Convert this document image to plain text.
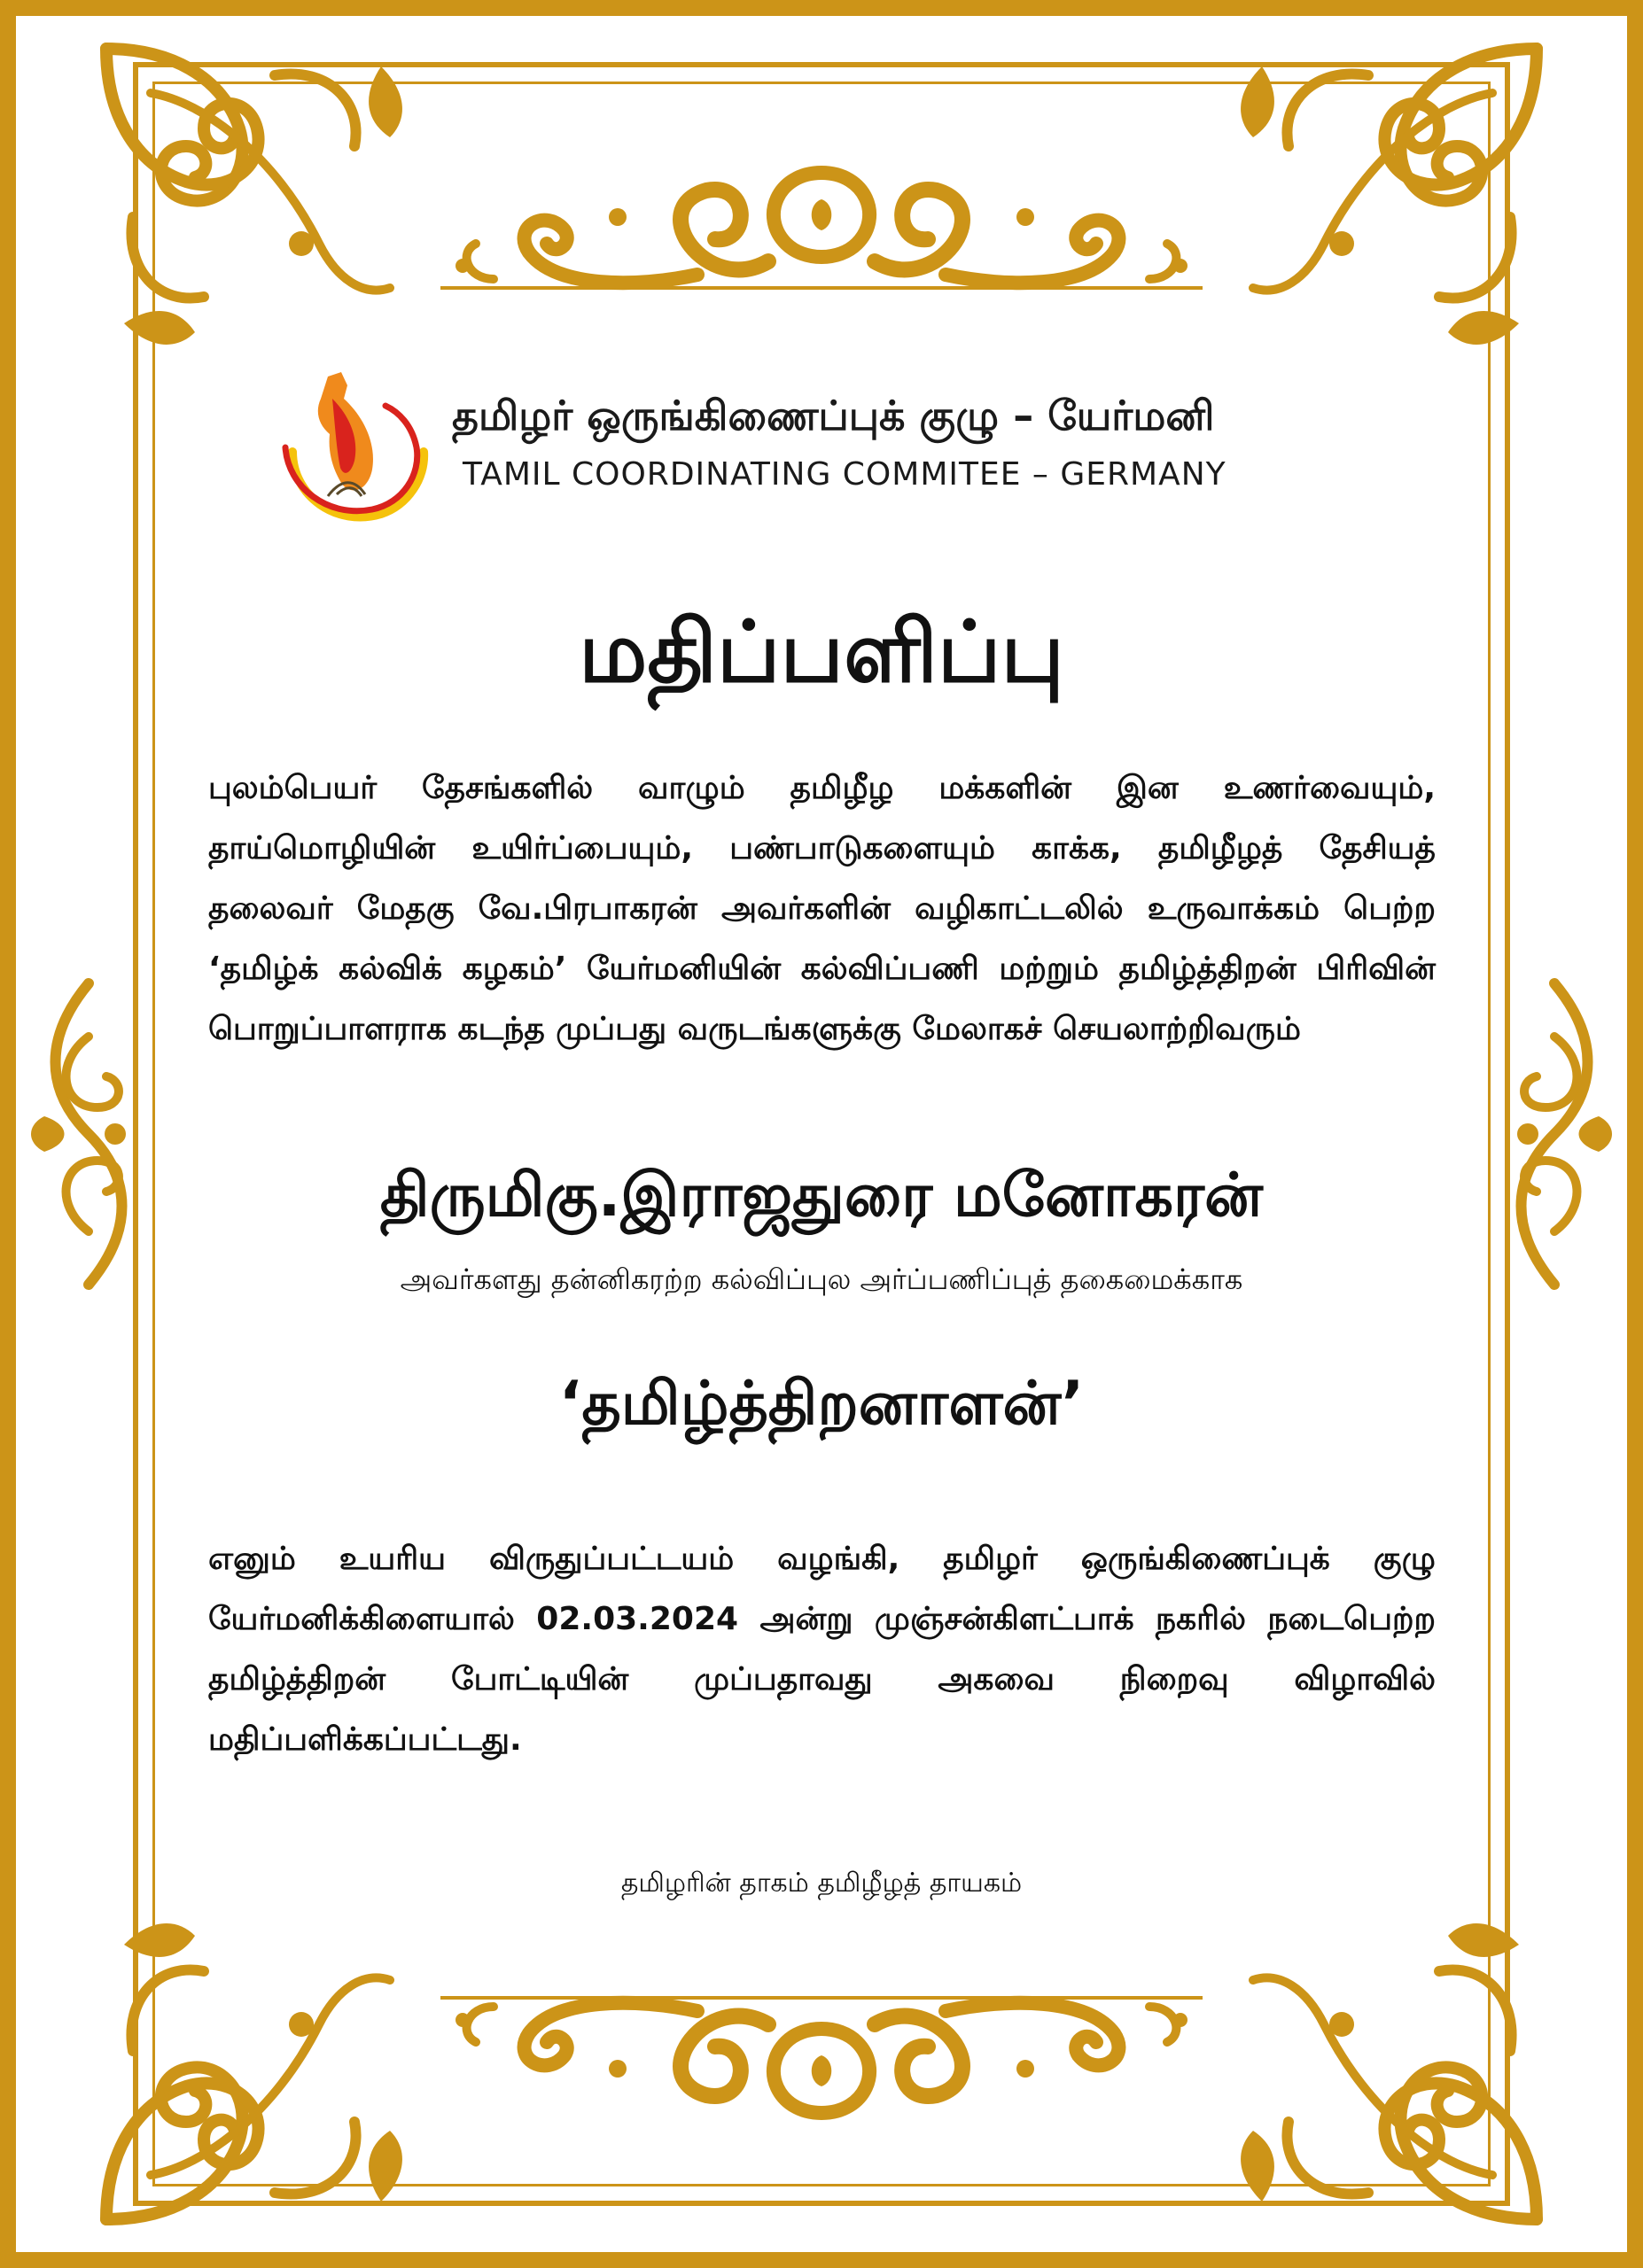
தமிழர் ஒருங்கிணைப்புக் குழு – யேர்மனி
TAMIL COORDINATING COMMITEE – GERMANY
மதிப்பளிப்பு
புலம்பெயர் தேசங்களில் வாழும் தமிழீழ மக்களின் இன உணர்வையும், தாய்மொழியின் உயிர்ப்பையும், பண்பாடுகளையும் காக்க, தமிழீழத் தேசியத் தலைவர் மேதகு வே.பிரபாகரன் அவர்களின் வழிகாட்டலில் உருவாக்கம் பெற்ற ‘தமிழ்க் கல்விக் கழகம்’ யேர்மனியின் கல்விப்பணி மற்றும் தமிழ்த்திறன் பிரிவின் பொறுப்பாளராக கடந்த முப்பது வருடங்களுக்கு மேலாகச் செயலாற்றிவரும்
திருமிகு.இராஜதுரை மனோகரன்
அவர்களது தன்னிகரற்ற கல்விப்புல அர்ப்பணிப்புத் தகைமைக்காக
‘தமிழ்த்திறனாளன்’
எனும் உயரிய விருதுப்பட்டயம் வழங்கி, தமிழர் ஒருங்கிணைப்புக் குழு யேர்மனிக்கிளையால் 02.03.2024 அன்று முஞ்சன்கிளட்பாக் நகரில் நடைபெற்ற தமிழ்த்திறன் போட்டியின் முப்பதாவது அகவை நிறைவு விழாவில் மதிப்பளிக்கப்பட்டது.
தமிழரின் தாகம் தமிழீழத் தாயகம்
